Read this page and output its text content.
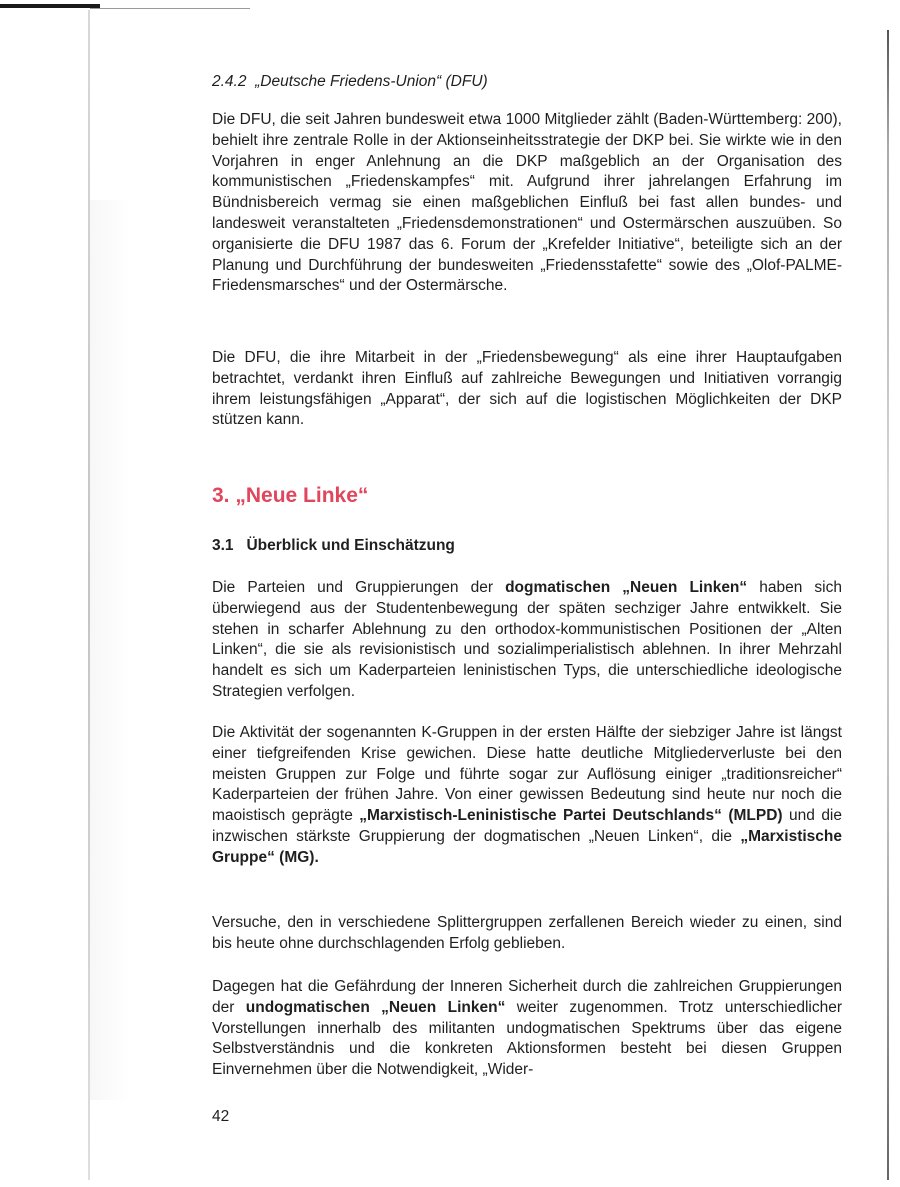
2.4.2 „Deutsche Friedens-Union“ (DFU)

Die DFU, die seit Jahren bundesweit etwa 1000 Mitglieder zählt (Baden-Württemberg: 200), behielt ihre zentrale Rolle in der Aktionseinheitsstrategie der DKP bei. Sie wirkte wie in den Vorjahren in enger Anlehnung an die DKP maßgeblich an der Organisation des kommunistischen „Friedenskampfes“ mit. Aufgrund ihrer jahrelangen Erfahrung im Bündnisbereich vermag sie einen maßgeblichen Einfluß bei fast allen bundes- und landesweit veranstalteten „Friedensdemonstrationen“ und Ostermärschen auszuüben. So organisierte die DFU 1987 das 6. Forum der „Krefelder Initiative“, beteiligte sich an der Planung und Durchführung der bundesweiten „Friedensstafette“ sowie des „Olof-PALME-Friedensmarsches“ und der Ostermärsche.

Die DFU, die ihre Mitarbeit in der „Friedensbewegung“ als eine ihrer Hauptaufgaben betrachtet, verdankt ihren Einfluß auf zahlreiche Bewegungen und Initiativen vorrangig ihrem leistungsfähigen „Apparat“, der sich auf die logistischen Möglichkeiten der DKP stützen kann.

3. „Neue Linke“
3.1 Überblick und Einschätzung

Die Parteien und Gruppierungen der dogmatischen „Neuen Linken“ haben sich überwiegend aus der Studentenbewegung der späten sechziger Jahre entwikkelt. Sie stehen in scharfer Ablehnung zu den orthodox-kommunistischen Positionen der „Alten Linken“, die sie als revisionistisch und sozialimperialistisch ablehnen. In ihrer Mehrzahl handelt es sich um Kaderparteien leninistischen Typs, die unterschiedliche ideologische Strategien verfolgen.

Die Aktivität der sogenannten K-Gruppen in der ersten Hälfte der siebziger Jahre ist längst einer tiefgreifenden Krise gewichen. Diese hatte deutliche Mitgliederverluste bei den meisten Gruppen zur Folge und führte sogar zur Auflösung einiger „traditionsreicher“ Kaderparteien der frühen Jahre. Von einer gewissen Bedeutung sind heute nur noch die maoistisch geprägte „Marxistisch-Leninistische Partei Deutschlands“ (MLPD) und die inzwischen stärkste Gruppierung der dogmatischen „Neuen Linken“, die „Marxistische Gruppe“ (MG).

Versuche, den in verschiedene Splittergruppen zerfallenen Bereich wieder zu einen, sind bis heute ohne durchschlagenden Erfolg geblieben.

Dagegen hat die Gefährdung der Inneren Sicherheit durch die zahlreichen Gruppierungen der undogmatischen „Neuen Linken“ weiter zugenommen. Trotz unterschiedlicher Vorstellungen innerhalb des militanten undogmatischen Spektrums über das eigene Selbstverständnis und die konkreten Aktionsformen besteht bei diesen Gruppen Einvernehmen über die Notwendigkeit, „Wider-

42
